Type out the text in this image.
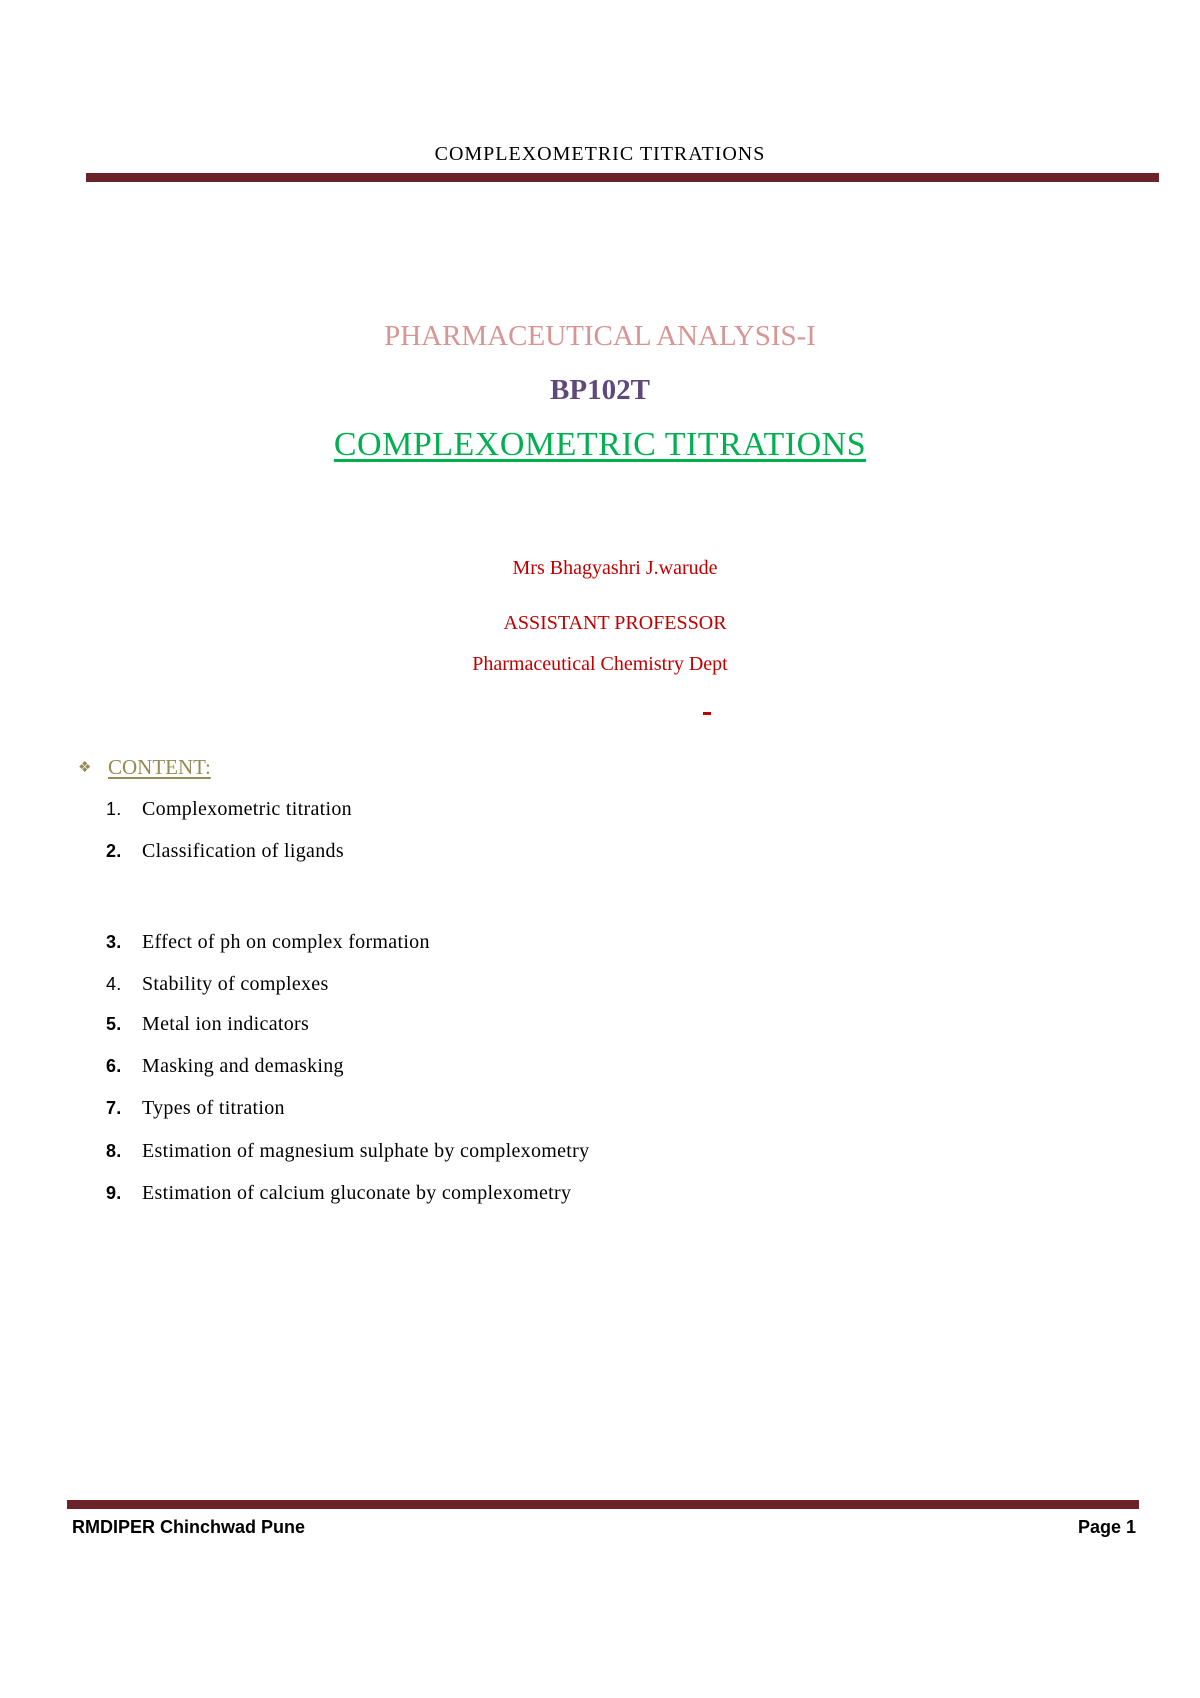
COMPLEXOMETRIC TITRATIONS
PHARMACEUTICAL ANALYSIS-I
BP102T
COMPLEXOMETRIC TITRATIONS
Mrs Bhagyashri J.warude
ASSISTANT PROFESSOR
Pharmaceutical Chemistry Dept
❖ CONTENT:
1. Complexometric titration
2. Classification of ligands
3. Effect of ph on complex formation
4. Stability of complexes
5. Metal ion indicators
6. Masking and demasking
7. Types of titration
8. Estimation of magnesium sulphate by complexometry
9. Estimation of calcium gluconate by complexometry
RMDIPER Chinchwad Pune	Page 1
